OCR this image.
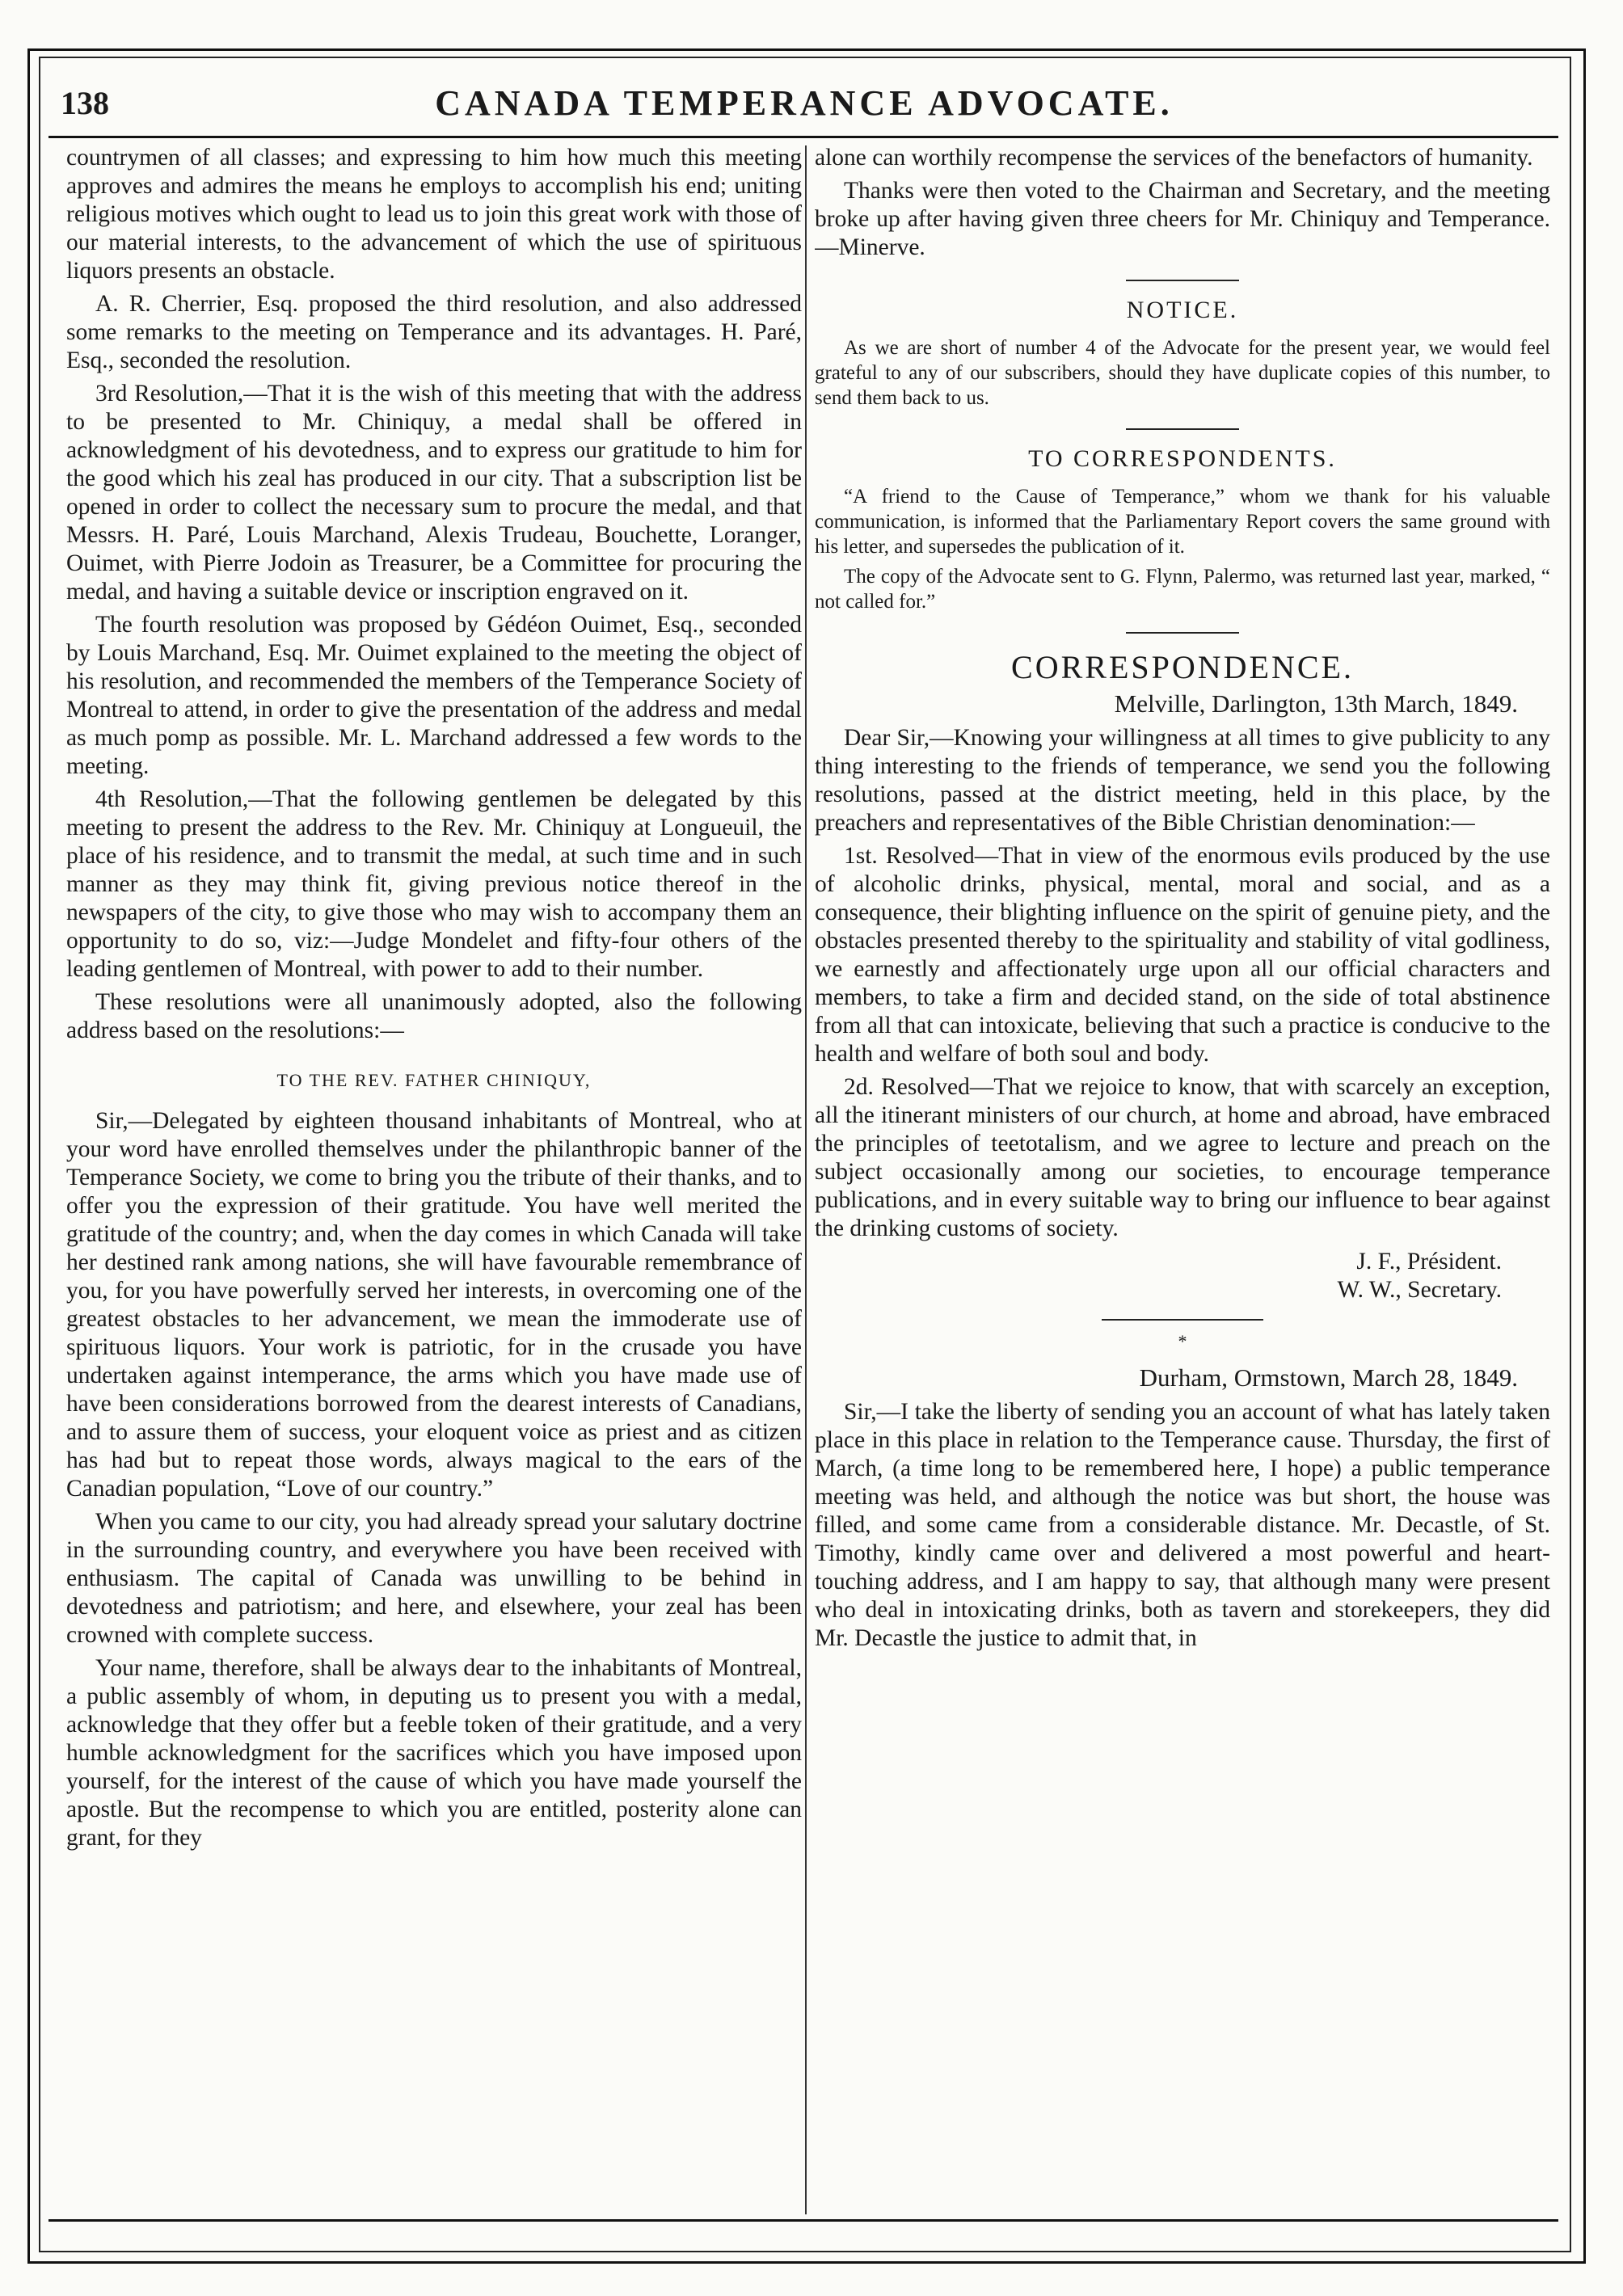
138	CANADA TEMPERANCE ADVOCATE.

countrymen of all classes; and expressing to him how much this meeting approves and admires the means he employs to accomplish his end; uniting religious motives which ought to lead us to join this great work with those of our material interests, to the advancement of which the use of spirituous liquors presents an obstacle.

A. R. Cherrier, Esq. proposed the third resolution, and also addressed some remarks to the meeting on Temperance and its advantages. H. Paré, Esq., seconded the resolution.

3rd Resolution,—That it is the wish of this meeting that with the address to be presented to Mr. Chiniquy, a medal shall be offered in acknowledgment of his devotedness, and to express our gratitude to him for the good which his zeal has produced in our city. That a subscription list be opened in order to collect the necessary sum to procure the medal, and that Messrs. H. Paré, Louis Marchand, Alexis Trudeau, Bouchette, Loranger, Ouimet, with Pierre Jodoin as Treasurer, be a Committee for procuring the medal, and having a suitable device or inscription engraved on it.

The fourth resolution was proposed by Gédéon Ouimet, Esq., seconded by Louis Marchand, Esq. Mr. Ouimet explained to the meeting the object of his resolution, and recommended the members of the Temperance Society of Montreal to attend, in order to give the presentation of the address and medal as much pomp as possible. Mr. L. Marchand addressed a few words to the meeting.

4th Resolution,—That the following gentlemen be delegated by this meeting to present the address to the Rev. Mr. Chiniquy at Longueuil, the place of his residence, and to transmit the medal, at such time and in such manner as they may think fit, giving previous notice thereof in the newspapers of the city, to give those who may wish to accompany them an opportunity to do so, viz:—Judge Mondelet and fifty-four others of the leading gentlemen of Montreal, with power to add to their number.

These resolutions were all unanimously adopted, also the following address based on the resolutions:—

TO THE REV. FATHER CHINIQUY,

Sir,—Delegated by eighteen thousand inhabitants of Montreal, who at your word have enrolled themselves under the philanthropic banner of the Temperance Society, we come to bring you the tribute of their thanks, and to offer you the expression of their gratitude. You have well merited the gratitude of the country; and, when the day comes in which Canada will take her destined rank among nations, she will have favourable remembrance of you, for you have powerfully served her interests, in overcoming one of the greatest obstacles to her advancement, we mean the immoderate use of spirituous liquors. Your work is patriotic, for in the crusade you have undertaken against intemperance, the arms which you have made use of have been considerations borrowed from the dearest interests of Canadians, and to assure them of success, your eloquent voice as priest and as citizen has had but to repeat those words, always magical to the ears of the Canadian population, “Love of our country.”

When you came to our city, you had already spread your salutary doctrine in the surrounding country, and everywhere you have been received with enthusiasm. The capital of Canada was unwilling to be behind in devotedness and patriotism; and here, and elsewhere, your zeal has been crowned with complete success.

Your name, therefore, shall be always dear to the inhabitants of Montreal, a public assembly of whom, in deputing us to present you with a medal, acknowledge that they offer but a feeble token of their gratitude, and a very humble acknowledgment for the sacrifices which you have imposed upon yourself, for the interest of the cause of which you have made yourself the apostle. But the recompense to which you are entitled, posterity alone can grant, for they

alone can worthily recompense the services of the benefactors of humanity.

Thanks were then voted to the Chairman and Secretary, and the meeting broke up after having given three cheers for Mr. Chiniquy and Temperance.—Minerve.

NOTICE.

As we are short of number 4 of the Advocate for the present year, we would feel grateful to any of our subscribers, should they have duplicate copies of this number, to send them back to us.

TO CORRESPONDENTS.

“A friend to the Cause of Temperance,” whom we thank for his valuable communication, is informed that the Parliamentary Report covers the same ground with his letter, and supersedes the publication of it.

The copy of the Advocate sent to G. Flynn, Palermo, was returned last year, marked, “ not called for.”

CORRESPONDENCE.
Melville, Darlington, 13th March, 1849.

Dear Sir,—Knowing your willingness at all times to give publicity to any thing interesting to the friends of temperance, we send you the following resolutions, passed at the district meeting, held in this place, by the preachers and representatives of the Bible Christian denomination:—

1st. Resolved—That in view of the enormous evils produced by the use of alcoholic drinks, physical, mental, moral and social, and as a consequence, their blighting influence on the spirit of genuine piety, and the obstacles presented thereby to the spirituality and stability of vital godliness, we earnestly and affectionately urge upon all our official characters and members, to take a firm and decided stand, on the side of total abstinence from all that can intoxicate, believing that such a practice is conducive to the health and welfare of both soul and body.

2d. Resolved—That we rejoice to know, that with scarcely an exception, all the itinerant ministers of our church, at home and abroad, have embraced the principles of teetotalism, and we agree to lecture and preach on the subject occasionally among our societies, to encourage temperance publications, and in every suitable way to bring our influence to bear against the drinking customs of society.

J. F., Président.
W. W., Secretary.
*
Durham, Ormstown, March 28, 1849.

Sir,—I take the liberty of sending you an account of what has lately taken place in this place in relation to the Temperance cause. Thursday, the first of March, (a time long to be remembered here, I hope) a public temperance meeting was held, and although the notice was but short, the house was filled, and some came from a considerable distance. Mr. Decastle, of St. Timothy, kindly came over and delivered a most powerful and heart-touching address, and I am happy to say, that although many were present who deal in intoxicating drinks, both as tavern and storekeepers, they did Mr. Decastle the justice to admit that, in
